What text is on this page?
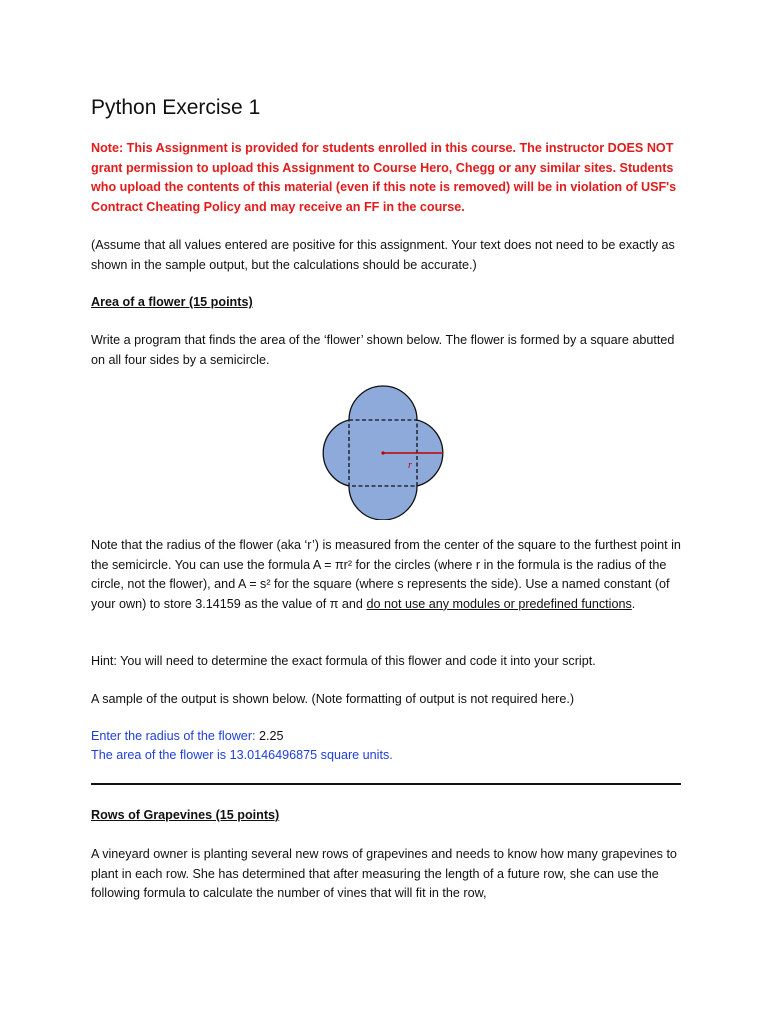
Python Exercise 1
Note: This Assignment is provided for students enrolled in this course. The instructor DOES NOT grant permission to upload this Assignment to Course Hero, Chegg or any similar sites. Students who upload the contents of this material (even if this note is removed) will be in violation of USF's Contract Cheating Policy and may receive an FF in the course.
(Assume that all values entered are positive for this assignment. Your text does not need to be exactly as shown in the sample output, but the calculations should be accurate.)
Area of a flower (15 points)
Write a program that finds the area of the ‘flower’ shown below. The flower is formed by a square abutted on all four sides by a semicircle.
r
Note that the radius of the flower (aka ‘r’) is measured from the center of the square to the furthest point in the semicircle. You can use the formula A = πr² for the circles (where r in the formula is the radius of the circle, not the flower), and A = s² for the square (where s represents the side). Use a named constant (of your own) to store 3.14159 as the value of π and do not use any modules or predefined functions.
Hint: You will need to determine the exact formula of this flower and code it into your script.
A sample of the output is shown below. (Note formatting of output is not required here.)
Enter the radius of the flower: 2.25
The area of the flower is 13.0146496875 square units.
Rows of Grapevines (15 points)
A vineyard owner is planting several new rows of grapevines and needs to know how many grapevines to plant in each row. She has determined that after measuring the length of a future row, she can use the following formula to calculate the number of vines that will fit in the row,
